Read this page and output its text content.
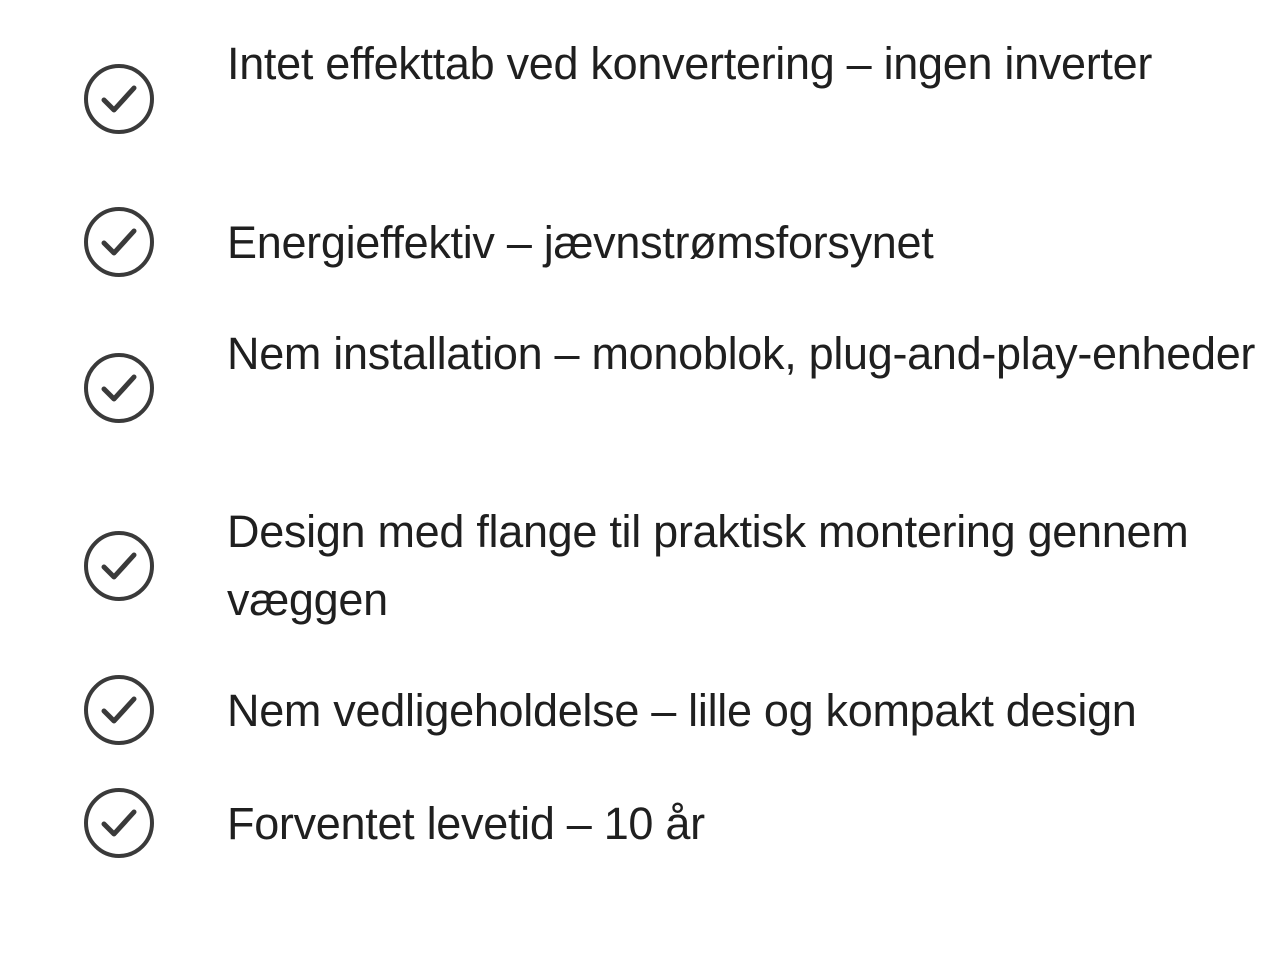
Intet effekttab ved konvertering – ingen inverter
Energieffektiv – jævnstrømsforsynet
Nem installation – monoblok, plug-and-play-enheder
Design med flange til praktisk montering gennem væggen
Nem vedligeholdelse – lille og kompakt design
Forventet levetid – 10 år
